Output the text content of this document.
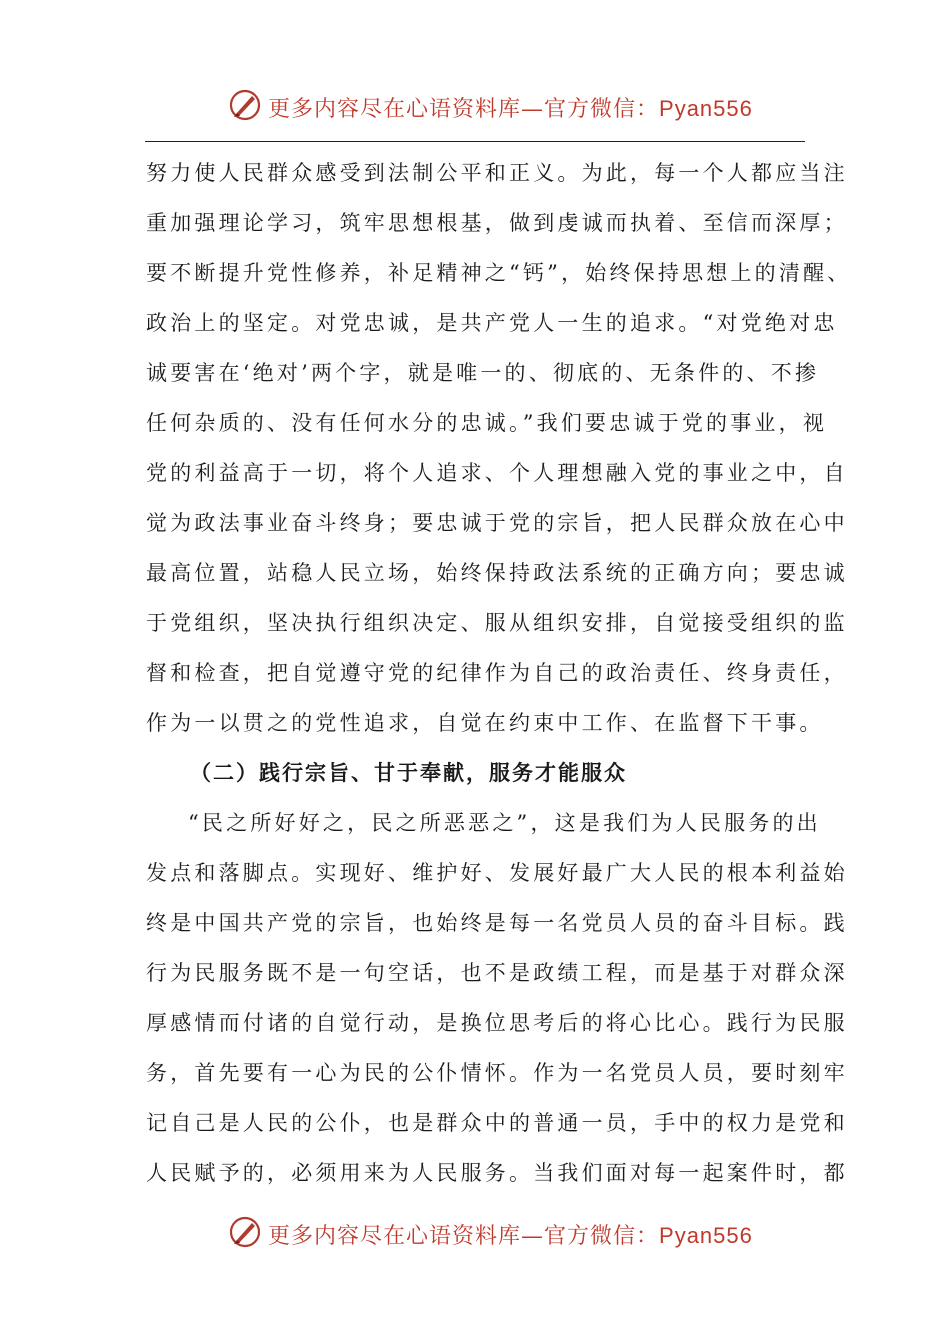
更多内容尽在心语资料库—官方微信：Pyan556
努力使人民群众感受到法制公平和正义。为此，每一个人都应当注
重加强理论学习，筑牢思想根基，做到虔诚而执着、至信而深厚；
要不断提升党性修养，补足精神之“钙”，始终保持思想上的清醒、
政治上的坚定。对党忠诚，是共产党人一生的追求。“对党绝对忠
诚要害在‘绝对’两个字，就是唯一的、彻底的、无条件的、不掺
任何杂质的、没有任何水分的忠诚。”我们要忠诚于党的事业，视
党的利益高于一切，将个人追求、个人理想融入党的事业之中，自
觉为政法事业奋斗终身；要忠诚于党的宗旨，把人民群众放在心中
最高位置，站稳人民立场，始终保持政法系统的正确方向；要忠诚
于党组织，坚决执行组织决定、服从组织安排，自觉接受组织的监
督和检查，把自觉遵守党的纪律作为自己的政治责任、终身责任，
作为一以贯之的党性追求，自觉在约束中工作、在监督下干事。
（二）践行宗旨、甘于奉献，服务才能服众
“民之所好好之，民之所恶恶之”，这是我们为人民服务的出
发点和落脚点。实现好、维护好、发展好最广大人民的根本利益始
终是中国共产党的宗旨，也始终是每一名党员人员的奋斗目标。践
行为民服务既不是一句空话，也不是政绩工程，而是基于对群众深
厚感情而付诸的自觉行动，是换位思考后的将心比心。践行为民服
务，首先要有一心为民的公仆情怀。作为一名党员人员，要时刻牢
记自己是人民的公仆，也是群众中的普通一员，手中的权力是党和
人民赋予的，必须用来为人民服务。当我们面对每一起案件时，都
更多内容尽在心语资料库—官方微信：Pyan556
